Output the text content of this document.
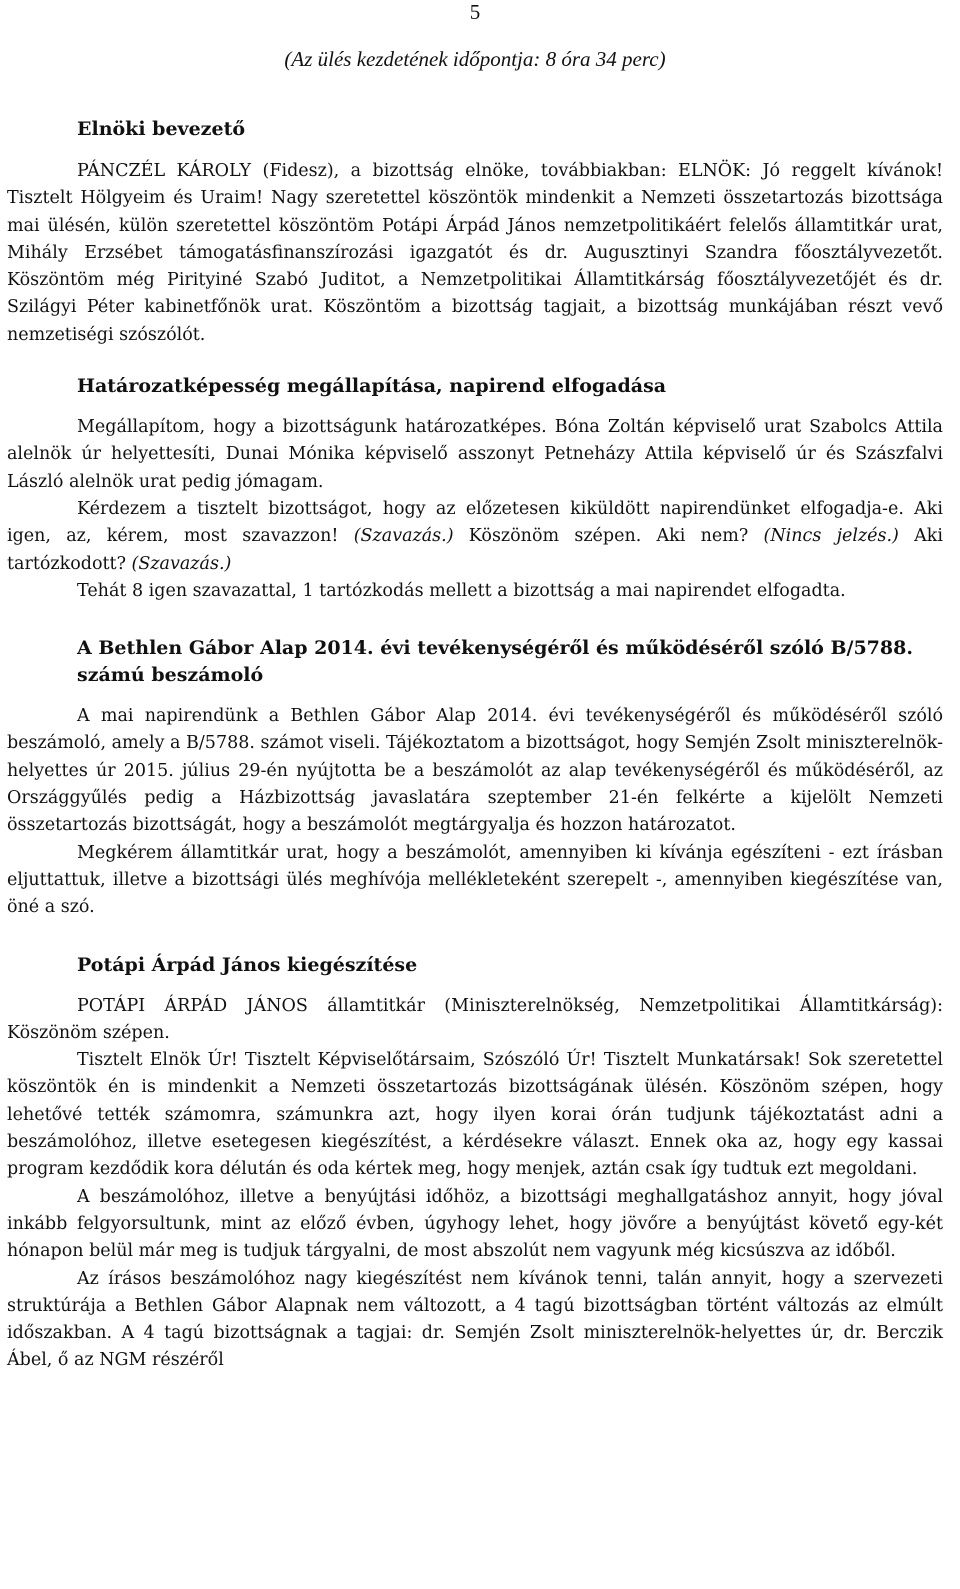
5
(Az ülés kezdetének időpontja: 8 óra 34 perc)
Elnöki bevezető

PÁNCZÉL KÁROLY (Fidesz), a bizottság elnöke, továbbiakban: ELNÖK: Jó reggelt kívánok! Tisztelt Hölgyeim és Uraim! Nagy szeretettel köszöntök mindenkit a Nemzeti összetartozás bizottsága mai ülésén, külön szeretettel köszöntöm Potápi Árpád János nemzetpolitikáért felelős államtitkár urat, Mihály Erzsébet támogatásfinanszírozási igazgatót és dr. Augusztinyi Szandra főosztályvezetőt. Köszöntöm még Pirityiné Szabó Juditot, a Nemzetpolitikai Államtitkárság főosztályvezetőjét és dr. Szilágyi Péter kabinetfőnök urat. Köszöntöm a bizottság tagjait, a bizottság munkájában részt vevő nemzetiségi szószólót.

Határozatképesség megállapítása, napirend elfogadása

Megállapítom, hogy a bizottságunk határozatképes. Bóna Zoltán képviselő urat Szabolcs Attila alelnök úr helyettesíti, Dunai Mónika képviselő asszonyt Petneházy Attila képviselő úr és Szászfalvi László alelnök urat pedig jómagam.

Kérdezem a tisztelt bizottságot, hogy az előzetesen kiküldött napirendünket elfogadja-e. Aki igen, az, kérem, most szavazzon! (Szavazás.) Köszönöm szépen. Aki nem? (Nincs jelzés.) Aki tartózkodott? (Szavazás.)

Tehát 8 igen szavazattal, 1 tartózkodás mellett a bizottság a mai napirendet elfogadta.

A Bethlen Gábor Alap 2014. évi tevékenységéről és működéséről szóló B/5788. számú beszámoló

A mai napirendünk a Bethlen Gábor Alap 2014. évi tevékenységéről és működéséről szóló beszámoló, amely a B/5788. számot viseli. Tájékoztatom a bizottságot, hogy Semjén Zsolt miniszterelnök-helyettes úr 2015. július 29-én nyújtotta be a beszámolót az alap tevékenységéről és működéséről, az Országgyűlés pedig a Házbizottság javaslatára szeptember 21-én felkérte a kijelölt Nemzeti összetartozás bizottságát, hogy a beszámolót megtárgyalja és hozzon határozatot.

Megkérem államtitkár urat, hogy a beszámolót, amennyiben ki kívánja egészíteni - ezt írásban eljuttattuk, illetve a bizottsági ülés meghívója mellékleteként szerepelt -, amennyiben kiegészítése van, öné a szó.

Potápi Árpád János kiegészítése

POTÁPI ÁRPÁD JÁNOS államtitkár (Miniszterelnökség, Nemzetpolitikai Államtitkárság): Köszönöm szépen.

Tisztelt Elnök Úr! Tisztelt Képviselőtársaim, Szószóló Úr! Tisztelt Munkatársak! Sok szeretettel köszöntök én is mindenkit a Nemzeti összetartozás bizottságának ülésén. Köszönöm szépen, hogy lehetővé tették számomra, számunkra azt, hogy ilyen korai órán tudjunk tájékoztatást adni a beszámolóhoz, illetve esetegesen kiegészítést, a kérdésekre választ. Ennek oka az, hogy egy kassai program kezdődik kora délután és oda kértek meg, hogy menjek, aztán csak így tudtuk ezt megoldani.

A beszámolóhoz, illetve a benyújtási időhöz, a bizottsági meghallgatáshoz annyit, hogy jóval inkább felgyorsultunk, mint az előző évben, úgyhogy lehet, hogy jövőre a benyújtást követő egy-két hónapon belül már meg is tudjuk tárgyalni, de most abszolút nem vagyunk még kicsúszva az időből.

Az írásos beszámolóhoz nagy kiegészítést nem kívánok tenni, talán annyit, hogy a szervezeti struktúrája a Bethlen Gábor Alapnak nem változott, a 4 tagú bizottságban történt változás az elmúlt időszakban. A 4 tagú bizottságnak a tagjai: dr. Semjén Zsolt miniszterelnök-helyettes úr, dr. Berczik Ábel, ő az NGM részéről
